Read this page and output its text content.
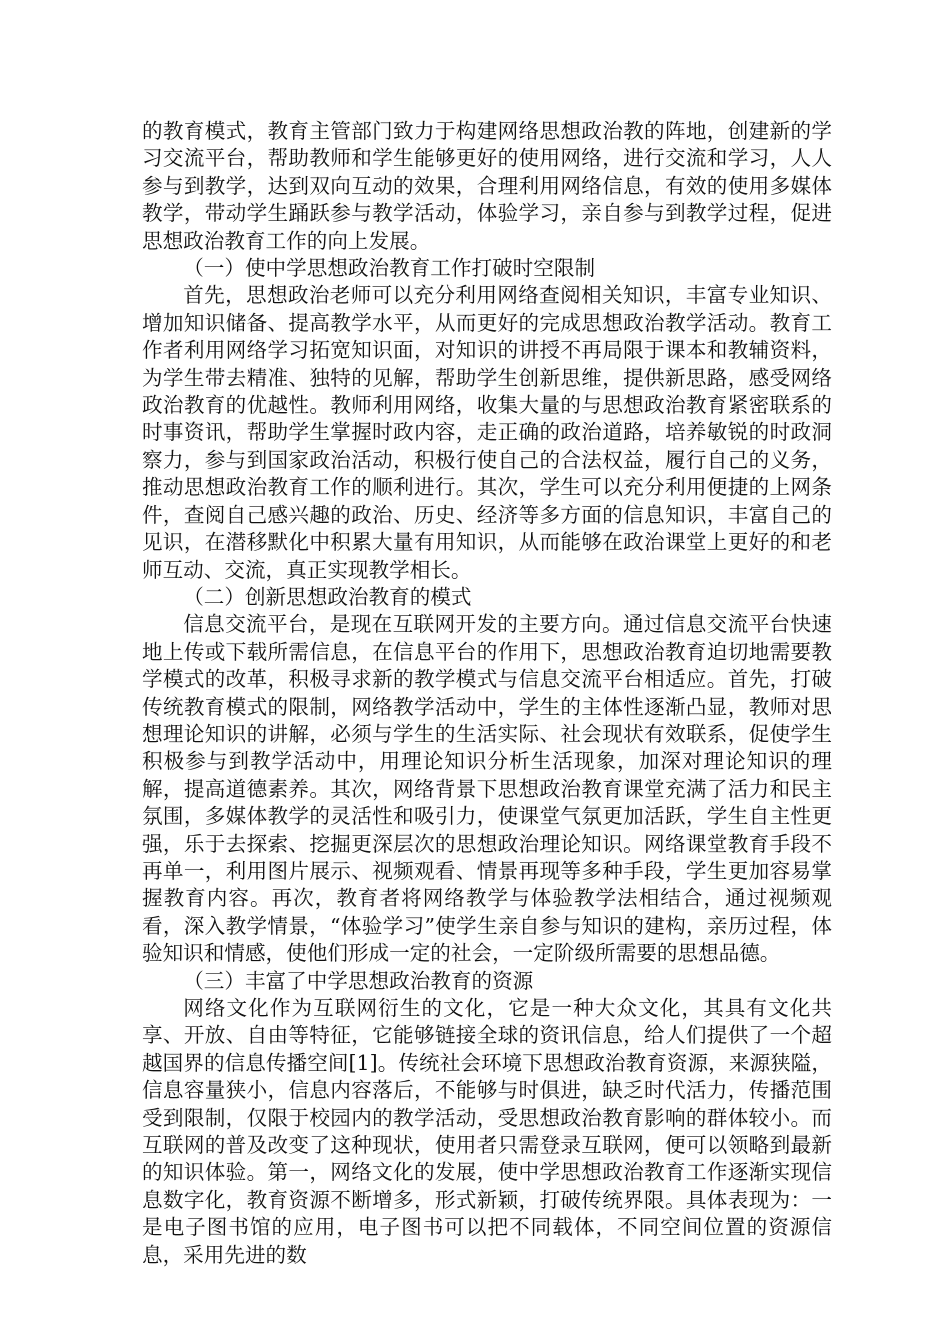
的教育模式，教育主管部门致力于构建网络思想政治教的阵地，创建新的学习交流平台，帮助教师和学生能够更好的使用网络，进行交流和学习，人人参与到教学，达到双向互动的效果，合理利用网络信息，有效的使用多媒体教学，带动学生踊跃参与教学活动，体验学习，亲自参与到教学过程，促进思想政治教育工作的向上发展。

（一）使中学思想政治教育工作打破时空限制

首先，思想政治老师可以充分利用网络查阅相关知识，丰富专业知识、增加知识储备、提高教学水平，从而更好的完成思想政治教学活动。教育工作者利用网络学习拓宽知识面，对知识的讲授不再局限于课本和教辅资料，为学生带去精准、独特的见解，帮助学生创新思维，提供新思路，感受网络政治教育的优越性。教师利用网络，收集大量的与思想政治教育紧密联系的时事资讯，帮助学生掌握时政内容，走正确的政治道路，培养敏锐的时政洞察力，参与到国家政治活动，积极行使自己的合法权益，履行自己的义务，推动思想政治教育工作的顺利进行。其次，学生可以充分利用便捷的上网条件，查阅自己感兴趣的政治、历史、经济等多方面的信息知识，丰富自己的见识，在潜移默化中积累大量有用知识，从而能够在政治课堂上更好的和老师互动、交流，真正实现教学相长。

（二）创新思想政治教育的模式

信息交流平台，是现在互联网开发的主要方向。通过信息交流平台快速地上传或下载所需信息，在信息平台的作用下，思想政治教育迫切地需要教学模式的改革，积极寻求新的教学模式与信息交流平台相适应。首先，打破传统教育模式的限制，网络教学活动中，学生的主体性逐渐凸显，教师对思想理论知识的讲解，必须与学生的生活实际、社会现状有效联系，促使学生积极参与到教学活动中，用理论知识分析生活现象，加深对理论知识的理解，提高道德素养。其次，网络背景下思想政治教育课堂充满了活力和民主氛围，多媒体教学的灵活性和吸引力，使课堂气氛更加活跃，学生自主性更强，乐于去探索、挖掘更深层次的思想政治理论知识。网络课堂教育手段不再单一，利用图片展示、视频观看、情景再现等多种手段，学生更加容易掌握教育内容。再次，教育者将网络教学与体验教学法相结合，通过视频观看，深入教学情景，“体验学习”使学生亲自参与知识的建构，亲历过程，体验知识和情感，使他们形成一定的社会，一定阶级所需要的思想品德。

（三）丰富了中学思想政治教育的资源

网络文化作为互联网衍生的文化，它是一种大众文化，其具有文化共享、开放、自由等特征，它能够链接全球的资讯信息，给人们提供了一个超越国界的信息传播空间[1]。传统社会环境下思想政治教育资源，来源狭隘，信息容量狭小，信息内容落后，不能够与时俱进，缺乏时代活力，传播范围受到限制，仅限于校园内的教学活动，受思想政治教育影响的群体较小。而互联网的普及改变了这种现状，使用者只需登录互联网，便可以领略到最新的知识体验。第一，网络文化的发展，使中学思想政治教育工作逐渐实现信息数字化，教育资源不断增多，形式新颖，打破传统界限。具体表现为：一是电子图书馆的应用，电子图书可以把不同载体，不同空间位置的资源信息，采用先进的数
